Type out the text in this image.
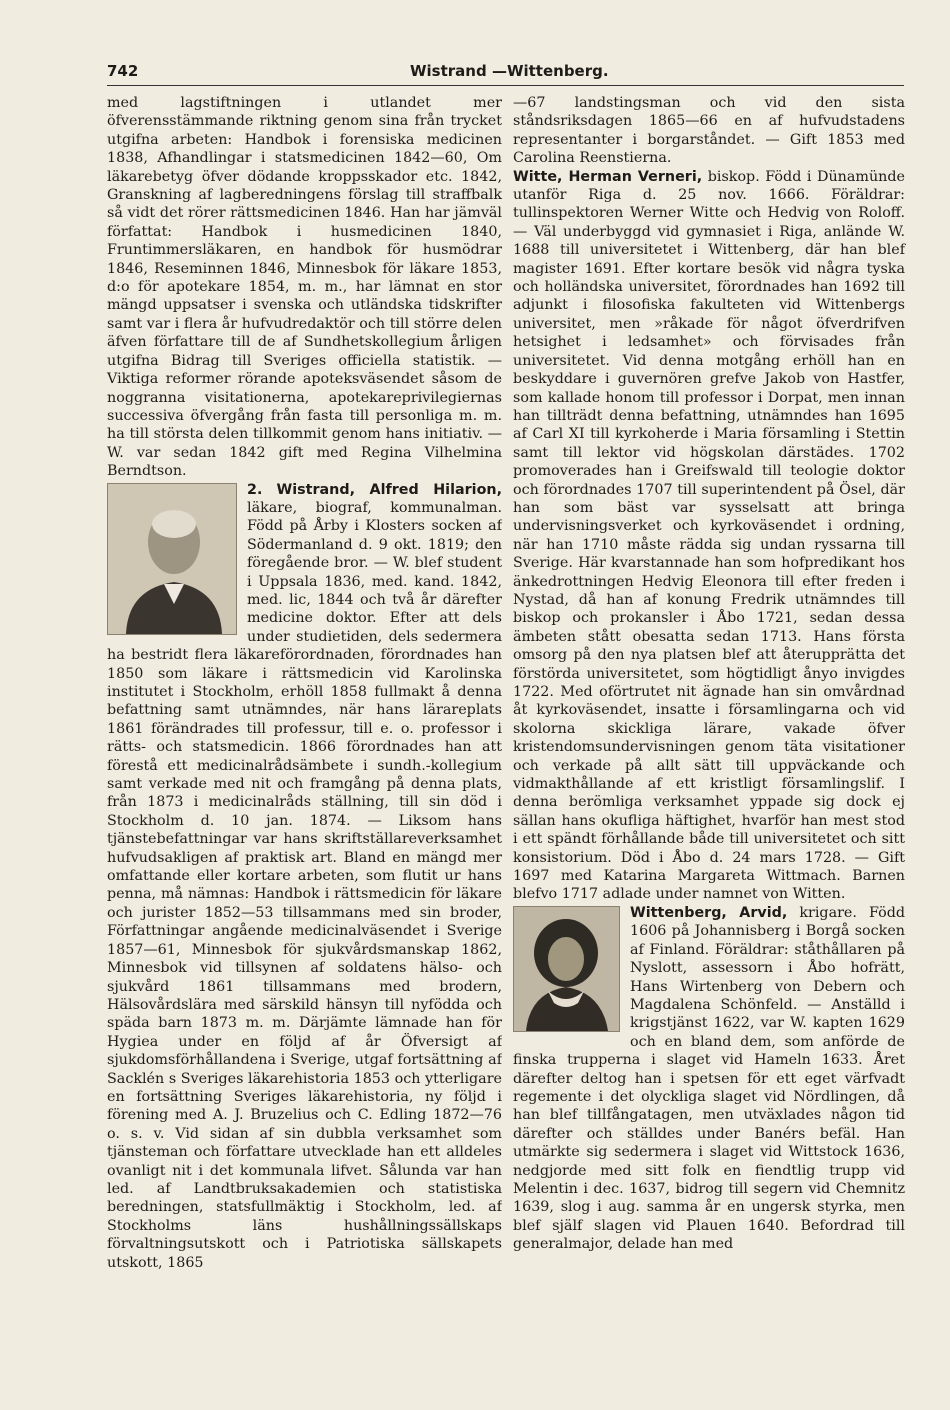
742	Wistrand —Wittenberg.

med lagstiftningen i utlandet mer öfverensstämmande riktning genom sina från trycket utgifna arbeten: Handbok i forensiska medicinen 1838, Afhandlingar i statsmedicinen 1842—60, Om läkarebetyg öfver dödande kroppsskador etc. 1842, Granskning af lagberedningens förslag till straffbalk så vidt det rörer rättsmedicinen 1846. Han har jämväl författat: Handbok i husmedicinen 1840, Fruntimmersläkaren, en handbok för husmödrar 1846, Reseminnen 1846, Minnesbok för läkare 1853, d:o för apotekare 1854, m. m., har lämnat en stor mängd uppsatser i svenska och utländska tidskrifter samt var i flera år hufvudredaktör och till större delen äfven författare till de af Sundhetskollegium årligen utgifna Bidrag till Sveriges officiella statistik. — Viktiga reformer rörande apoteksväsendet såsom de noggranna visitationerna, apotekareprivilegiernas successiva öfvergång från fasta till personliga m. m. ha till största delen tillkommit genom hans initiativ. — W. var sedan 1842 gift med Regina Vilhelmina Berndtson.

2. Wistrand, Alfred Hilarion, läkare, biograf, kommunalman. Född på Årby i Klosters socken af Södermanland d. 9 okt. 1819; den föregående bror. — W. blef student i Uppsala 1836, med. kand. 1842, med. lic, 1844 och två år därefter medicine doktor. Efter att dels under studietiden, dels sedermera ha bestridt flera läkareförordnaden, förordnades han 1850 som läkare i rättsmedicin vid Karolinska institutet i Stockholm, erhöll 1858 fullmakt å denna befattning samt utnämndes, när hans lärareplats 1861 förändrades till professur, till e. o. professor i rätts- och statsmedicin. 1866 förordnades han att förestå ett medicinalrådsämbete i sundh.-kollegium samt verkade med nit och framgång på denna plats, från 1873 i medicinalråds ställning, till sin död i Stockholm d. 10 jan. 1874. — Liksom hans tjänstebefattningar var hans skriftställareverksamhet hufvudsakligen af praktisk art. Bland en mängd mer omfattande eller kortare arbeten, som flutit ur hans penna, må nämnas: Handbok i rättsmedicin för läkare och jurister 1852—53 tillsammans med sin broder, Författningar angående medicinalväsendet i Sverige 1857—61, Minnesbok för sjukvårdsmanskap 1862, Minnesbok vid tillsynen af soldatens hälso- och sjukvård 1861 tillsammans med brodern, Hälsovårdslära med särskild hänsyn till nyfödda och späda barn 1873 m. m. Därjämte lämnade han för Hygiea under en följd af år Öfversigt af sjukdomsförhållandena i Sverige, utgaf fortsättning af Sacklén s Sveriges läkarehistoria 1853 och ytterligare en fortsättning Sveriges läkarehistoria, ny följd i förening med A. J. Bruzelius och C. Edling 1872—76 o. s. v. Vid sidan af sin dubbla verksamhet som tjänsteman och författare utvecklade han ett alldeles ovanligt nit i det kommunala lifvet. Sålunda var han led. af Landtbruksakademien och statistiska beredningen, statsfullmäktig i Stockholm, led. af Stockholms läns hushållningssällskaps förvaltningsutskott och i Patriotiska sällskapets utskott, 1865

—67 landstingsman och vid den sista ståndsriksdagen 1865—66 en af hufvudstadens representanter i borgarståndet. — Gift 1853 med Carolina Reenstierna.

Witte, Herman Verneri, biskop. Född i Dünamünde utanför Riga d. 25 nov. 1666. Föräldrar: tullinspektoren Werner Witte och Hedvig von Roloff. — Väl underbyggd vid gymnasiet i Riga, anlände W. 1688 till universitetet i Wittenberg, där han blef magister 1691. Efter kortare besök vid några tyska och holländska universitet, förordnades han 1692 till adjunkt i filosofiska fakulteten vid Wittenbergs universitet, men »råkade för något öfverdrifven hetsighet i ledsamhet» och förvisades från universitetet. Vid denna motgång erhöll han en beskyddare i guvernören grefve Jakob von Hastfer, som kallade honom till professor i Dorpat, men innan han tillträdt denna befattning, utnämndes han 1695 af Carl XI till kyrkoherde i Maria församling i Stettin samt till lektor vid högskolan därstädes. 1702 promoverades han i Greifswald till teologie doktor och förordnades 1707 till superintendent på Ösel, där han som bäst var sysselsatt att bringa undervisningsverket och kyrkoväsendet i ordning, när han 1710 måste rädda sig undan ryssarna till Sverige. Här kvarstannade han som hofpredikant hos änkedrottningen Hedvig Eleonora till efter freden i Nystad, då han af konung Fredrik utnämndes till biskop och prokansler i Åbo 1721, sedan dessa ämbeten stått obesatta sedan 1713. Hans första omsorg på den nya platsen blef att återupprätta det förstörda universitetet, som högtidligt ånyo invigdes 1722. Med oförtrutet nit ägnade han sin omvårdnad åt kyrkoväsendet, insatte i församlingarna och vid skolorna skickliga lärare, vakade öfver kristendomsundervisningen genom täta visitationer och verkade på allt sätt till uppväckande och vidmakthållande af ett kristligt församlingslif. I denna berömliga verksamhet yppade sig dock ej sällan hans okufliga häftighet, hvarför han mest stod i ett spändt förhållande både till universitetet och sitt konsistorium. Död i Åbo d. 24 mars 1728. — Gift 1697 med Katarina Margareta Wittmach. Barnen blefvo 1717 adlade under namnet von Witten.

Wittenberg, Arvid, krigare. Född 1606 på Johannisberg i Borgå socken af Finland. Föräldrar: ståthållaren på Nyslott, assessorn i Åbo hofrätt, Hans Wirtenberg von Debern och Magdalena Schönfeld. — Anställd i krigstjänst 1622, var W. kapten 1629 och en bland dem, som anförde de finska trupperna i slaget vid Hameln 1633. Året därefter deltog han i spetsen för ett eget värfvadt regemente i det olyckliga slaget vid Nördlingen, då han blef tillfångatagen, men utväxlades någon tid därefter och ställdes under Banérs befäl. Han utmärkte sig sedermera i slaget vid Wittstock 1636, nedgjorde med sitt folk en fiendtlig trupp vid Melentin i dec. 1637, bidrog till segern vid Chemnitz 1639, slog i aug. samma år en ungersk styrka, men blef själf slagen vid Plauen 1640. Befordrad till generalmajor, delade han med
